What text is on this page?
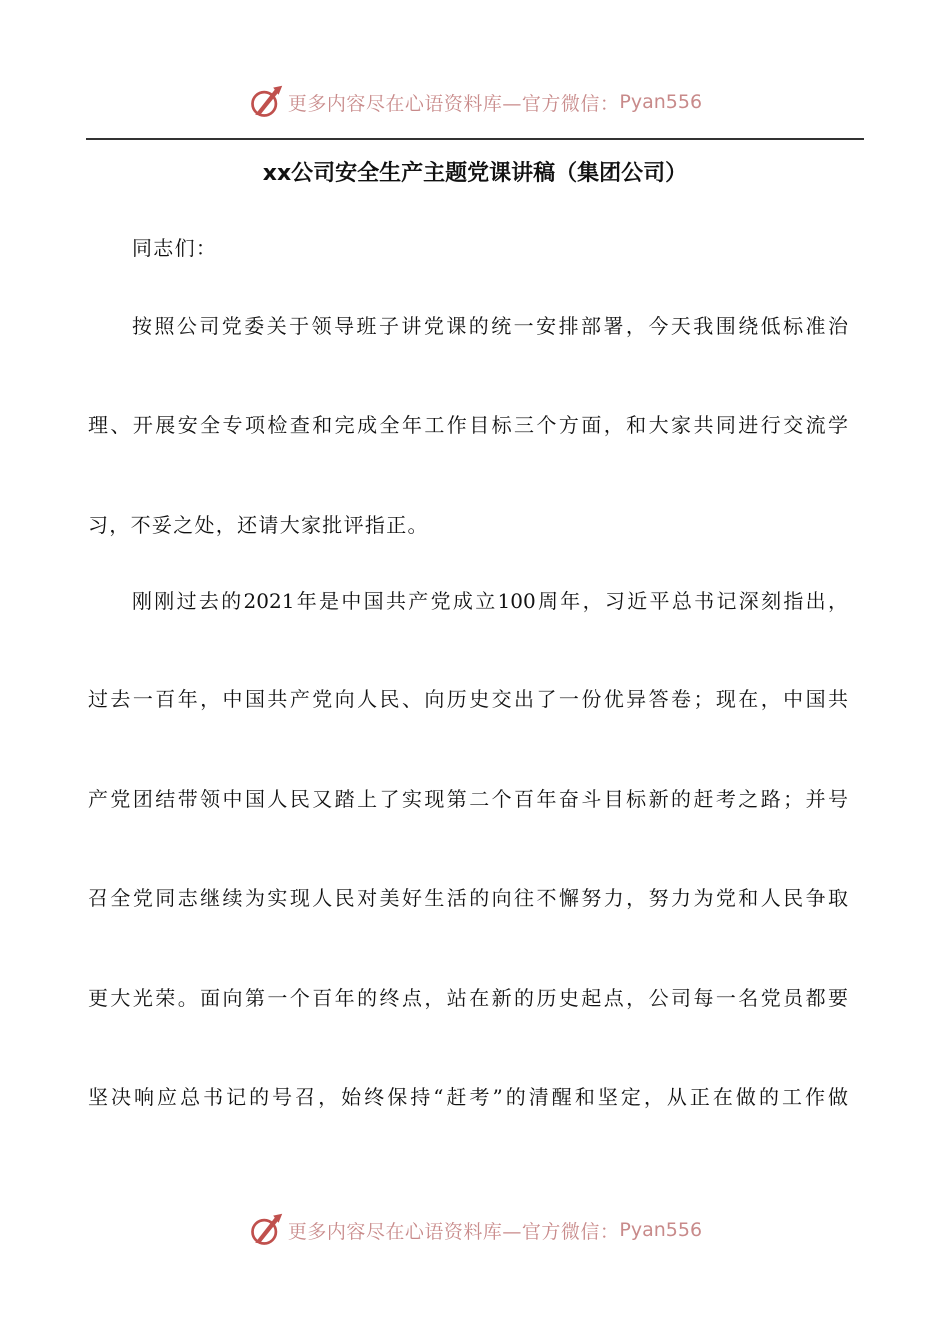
更多内容尽在心语资料库—官方微信： Pyan556
xx公司安全生产主题党课讲稿（集团公司）
同志们：
按照公司党委关于领导班子讲党课的统一安排部署，今天我围绕低标准治
理、开展安全专项检查和完成全年工作目标三个方面，和大家共同进行交流学
习，不妥之处，还请大家批评指正。
刚刚过去的2021年是中国共产党成立100周年，习近平总书记深刻指出，
过去一百年，中国共产党向人民、向历史交出了一份优异答卷；现在，中国共
产党团结带领中国人民又踏上了实现第二个百年奋斗目标新的赶考之路；并号
召全党同志继续为实现人民对美好生活的向往不懈努力，努力为党和人民争取
更大光荣。面向第一个百年的终点，站在新的历史起点，公司每一名党员都要
坚决响应总书记的号召，始终保持“赶考”的清醒和坚定，从正在做的工作做
更多内容尽在心语资料库—官方微信： Pyan556
